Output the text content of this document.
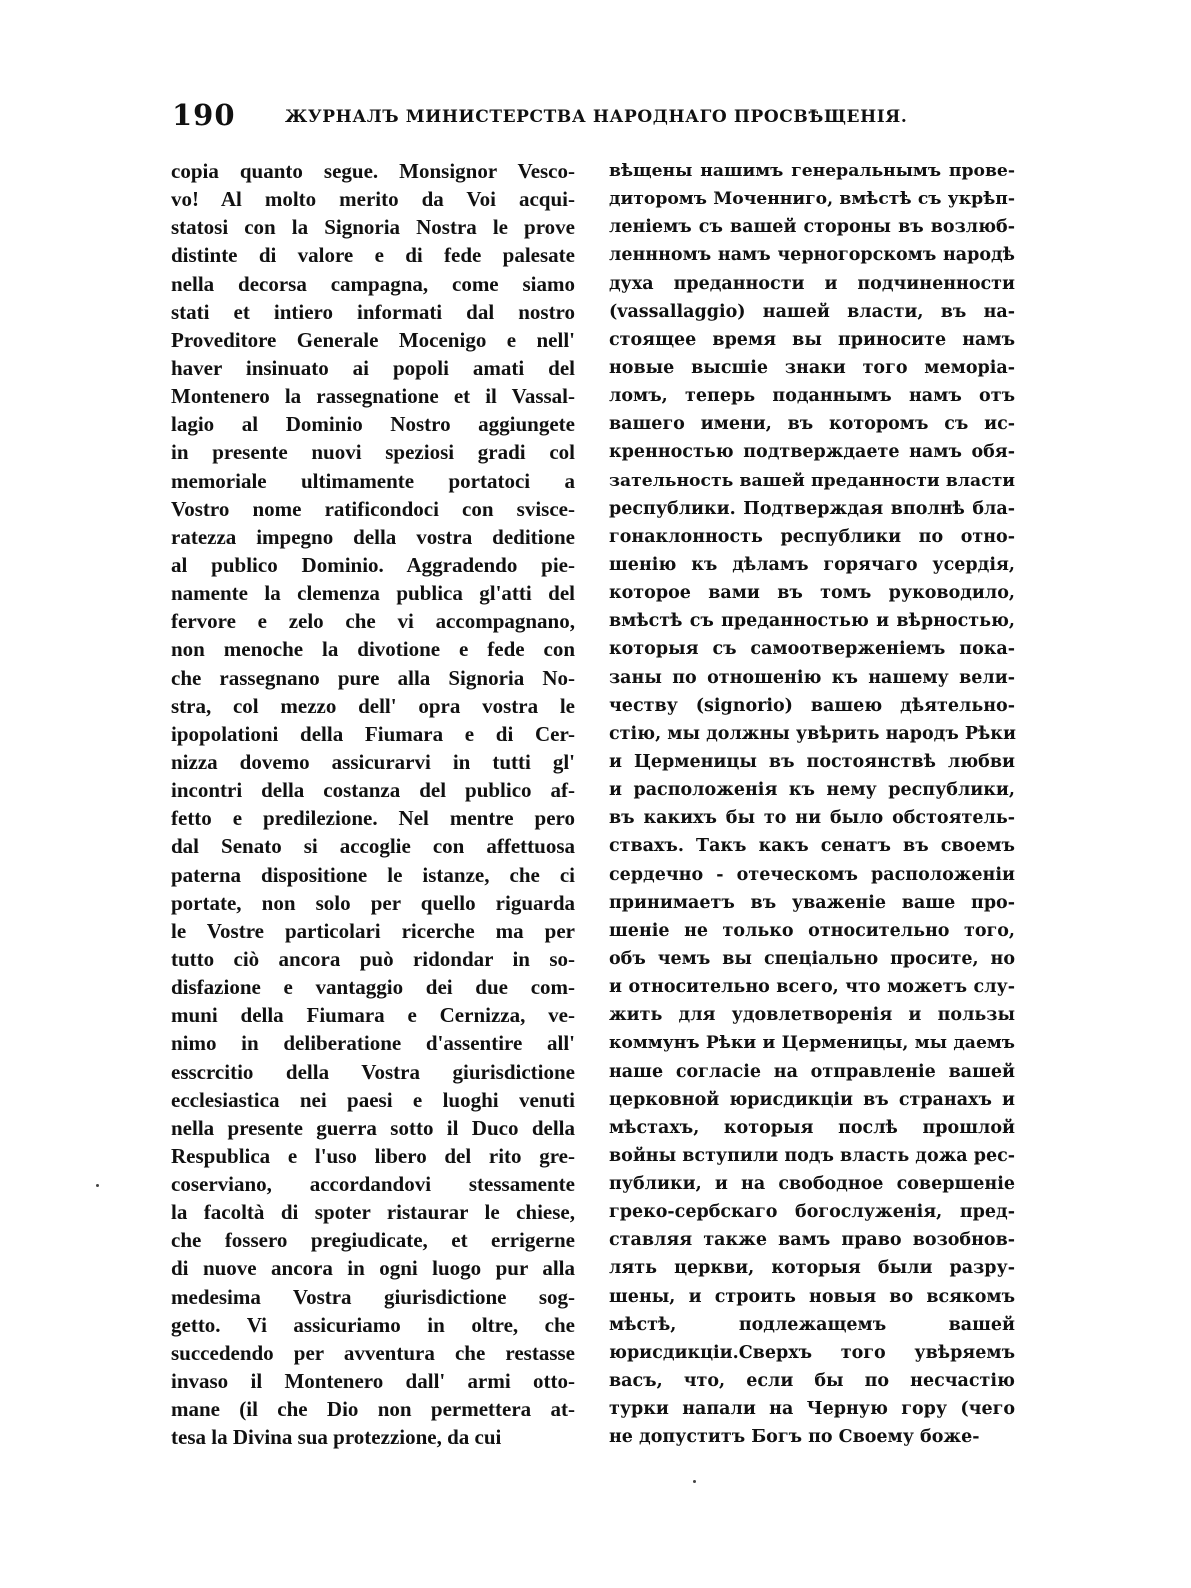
190	ЖУРНАЛЪ МИНИСТЕРСТВА НАРОДНАГО ПРОСВѢЩЕНІЯ.
copia quanto segue. Monsignor Vesco-
vo! Al molto merito da Voi acqui-
statosi con la Signoria Nostra le prove
distinte di valore e di fede palesate
nella decorsa campagna, come siamo
stati et intiero informati dal nostro
Proveditore Generale Mocenigo e nell'
haver insinuato ai popoli amati del
Montenero la rassegnatione et il Vassal-
lagio al Dominio Nostro aggiungete
in presente nuovi speziosi gradi col
memoriale ultimamente portatoci a
Vostro nome ratificondoci con svisce-
ratezza impegno della vostra deditione
al publico Dominio. Aggradendo pie-
namente la clemenza publica gl'atti del
fervore e zelo che vi accompagnano,
non menoche la divotione e fede con
che rassegnano pure alla Signoria No-
stra, col mezzo dell' opra vostra le
ipopolationi della Fiumara e di Cer-
nizza dovemo assicurarvi in tutti gl'
incontri della costanza del publico af-
fetto e predilezione. Nel mentre pero
dal Senato si accoglie con affettuosa
paterna dispositione le istanze, che ci
portate, non solo per quello riguarda
le Vostre particolari ricerche ma per
tutto ciò ancora può ridondar in so-
disfazione e vantaggio dei due com-
muni della Fiumara e Cernizza, ve-
nimo in deliberatione d'assentire all'
esscrcitio della Vostra giurisdictione
ecclesiastica nei paesi e luoghi venuti
nella presente guerra sotto il Duco della
Respublica e l'uso libero del rito gre-
coserviano, accordandovi stessamente
la facoltà di spoter ristaurar le chiese,
che fossero pregiudicate, et errigerne
di nuove ancora in ogni luogo pur alla
medesima Vostra giurisdictione sog-
getto. Vi assicuriamo in oltre, che
succedendo per avventura che restasse
invaso il Montenero dall' armi otto-
mane (il che Dio non permettera at-
tesa la Divina sua protezzione, da cui
вѣщены нашимъ генеральнымъ прове-
диторомъ Моченниго, вмѣстѣ съ укрѣп-
леніемъ съ вашей стороны въ возлюб-
леннномъ намъ черногорскомъ народѣ
духа преданности и подчиненности
(vassallaggio) нашей власти, въ на-
стоящее время вы приносите намъ
новые высшіе знаки того меморіа-
ломъ, теперь поданнымъ намъ отъ
вашего имени, въ которомъ съ ис-
кренностью подтверждаете намъ обя-
зательность вашей преданности власти
республики. Подтверждая вполнѣ бла-
гонаклонность республики по отно-
шенію къ дѣламъ горячаго усердія,
которое вами въ томъ руководило,
вмѣстѣ съ преданностью и вѣрностью,
которыя съ самоотверженіемъ пока-
заны по отношенію къ нашему вели-
честву (signorio) вашею дѣятельно-
стію, мы должны увѣрить народъ Рѣки
и Церменицы въ постоянствѣ любви
и расположенія къ нему республики,
въ какихъ бы то ни было обстоятель-
ствахъ. Такъ какъ сенатъ въ своемъ
сердечно - отеческомъ расположеніи
принимаетъ въ уваженіе ваше про-
шеніе не только относительно того,
объ чемъ вы спеціально просите, но
и относительно всего, что можетъ слу-
жить для удовлетворенія и пользы
коммунъ Рѣки и Церменицы, мы даемъ
наше согласіе на отправленіе вашей
церковной юрисдикціи въ странахъ и
мѣстахъ, которыя послѣ прошлой
войны вступили подъ власть дожа рес-
публики, и на свободное совершеніе
греко-сербскаго богослуженія, пред-
ставляя также вамъ право возобнов-
лять церкви, которыя были разру-
шены, и строить новыя во всякомъ
мѣстѣ, подлежащемъ вашей
юрисдикціи.Сверхъ того увѣряемъ
васъ, что, если бы по несчастію
турки напали на Черную гору (чего
не допуститъ Богъ по Своему боже-
